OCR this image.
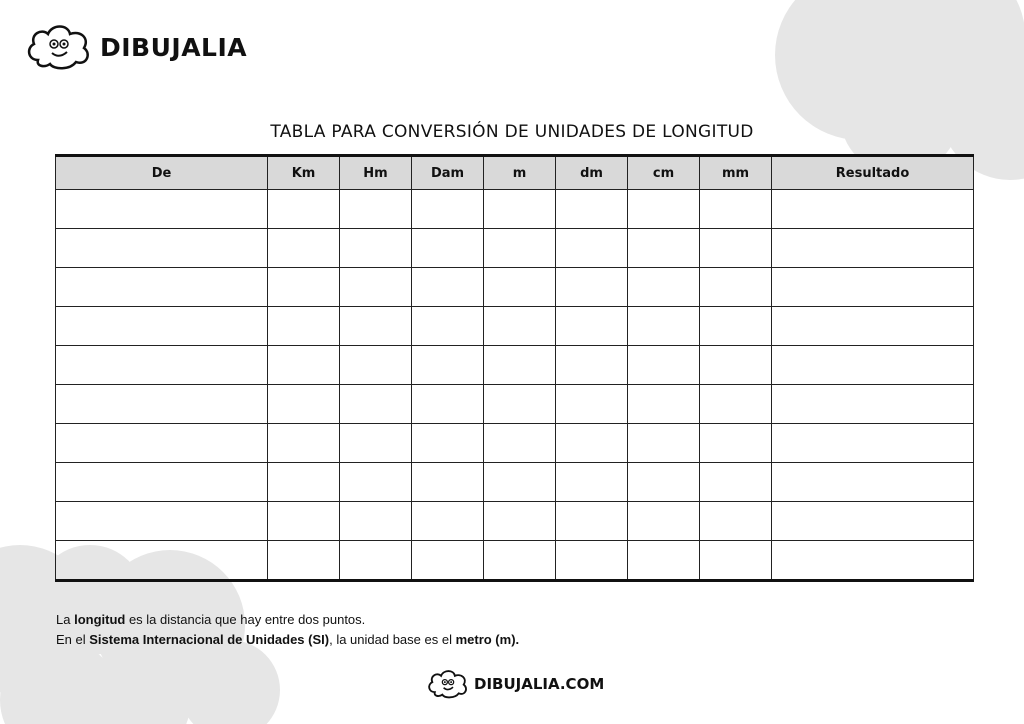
DIBUJALIA
TABLA PARA CONVERSIÓN DE UNIDADES DE LONGITUD
De	Km	Hm	Dam	m	dm	cm	mm	Resultado

La longitud es la distancia que hay entre dos puntos.
En el Sistema Internacional de Unidades (SI), la unidad base es el metro (m).
DIBUJALIA.COM
